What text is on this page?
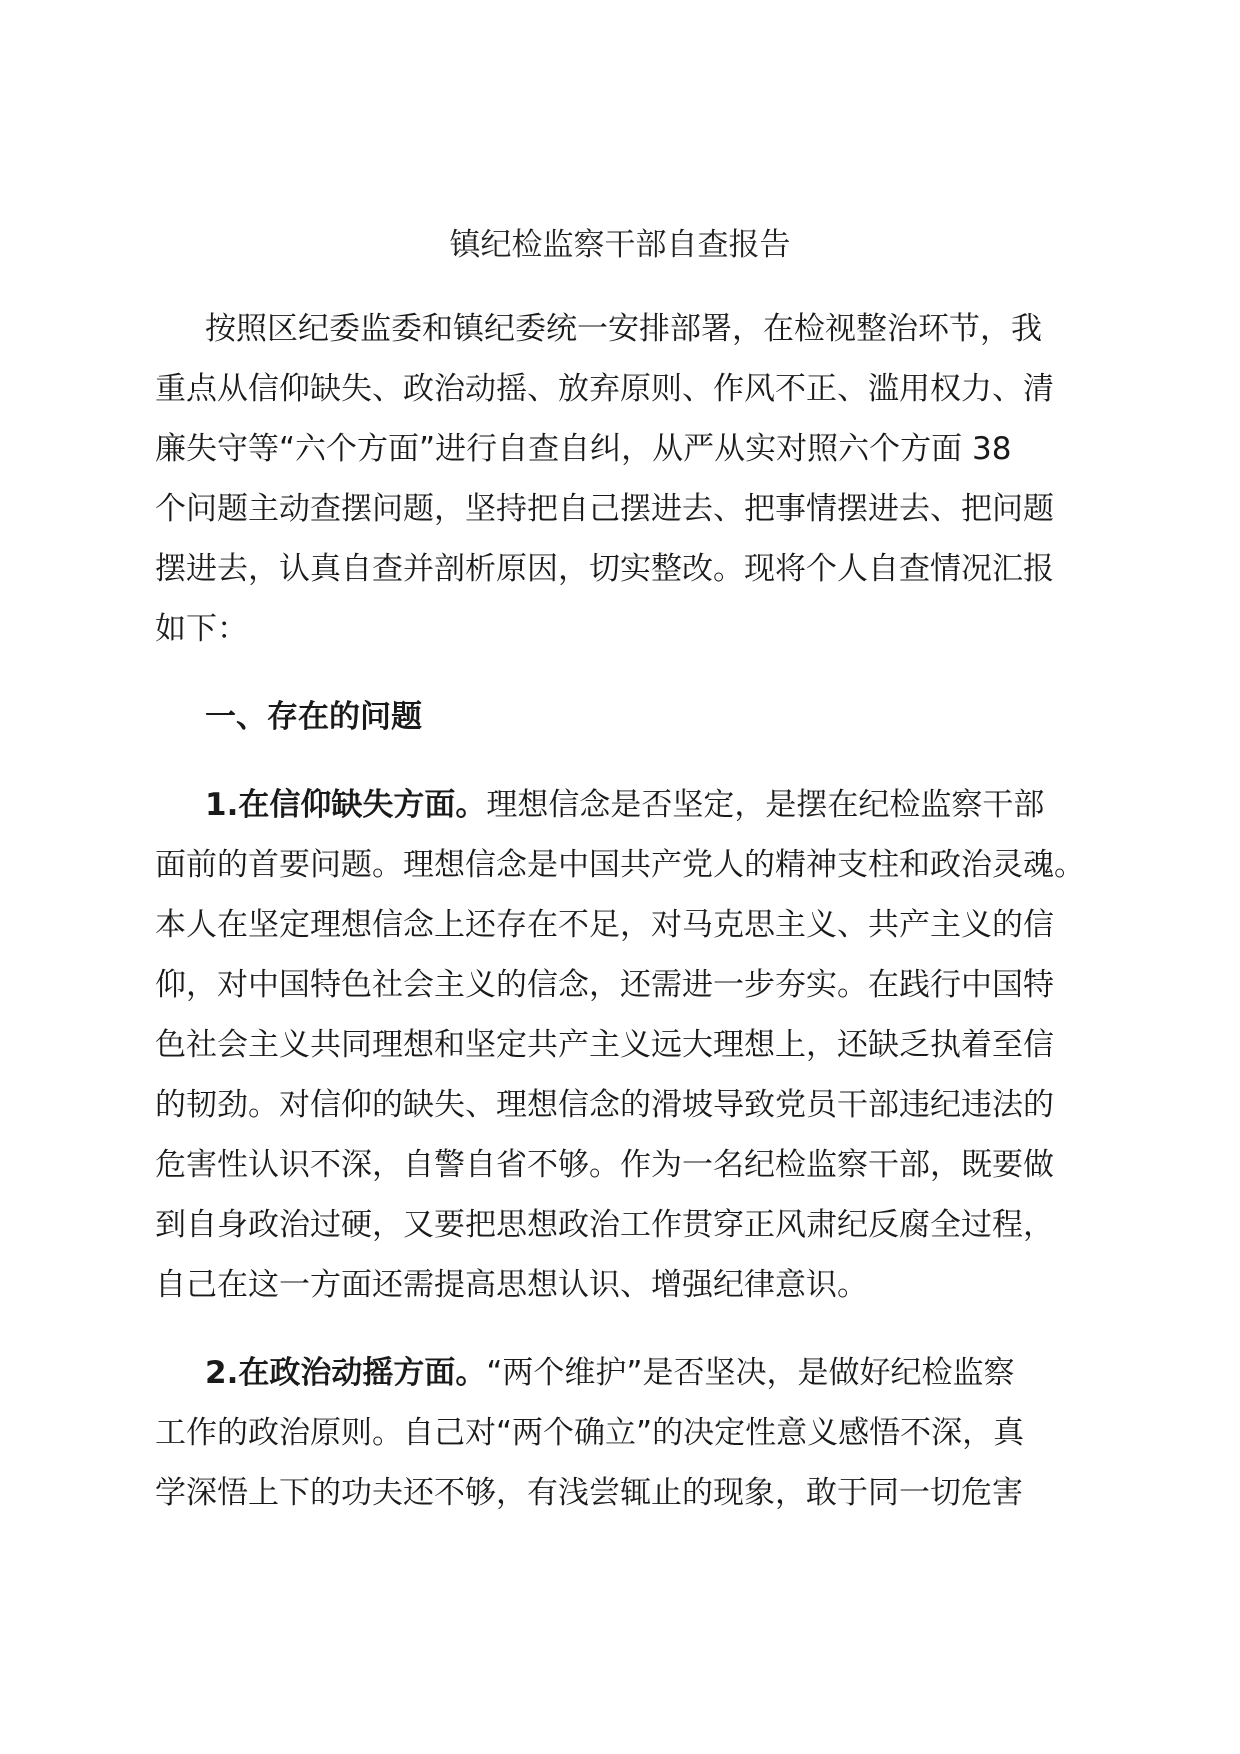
镇纪检监察干部自查报告
按照区纪委监委和镇纪委统一安排部署，在检视整治环节，我
重点从信仰缺失、政治动摇、放弃原则、作风不正、滥用权力、清
廉失守等“六个方面”进行自查自纠，从严从实对照六个方面 38
个问题主动查摆问题，坚持把自己摆进去、把事情摆进去、把问题
摆进去，认真自查并剖析原因，切实整改。现将个人自查情况汇报
如下：
一、存在的问题
1.在信仰缺失方面。理想信念是否坚定，是摆在纪检监察干部
面前的首要问题。理想信念是中国共产党人的精神支柱和政治灵魂。
本人在坚定理想信念上还存在不足，对马克思主义、共产主义的信
仰，对中国特色社会主义的信念，还需进一步夯实。在践行中国特
色社会主义共同理想和坚定共产主义远大理想上，还缺乏执着至信
的韧劲。对信仰的缺失、理想信念的滑坡导致党员干部违纪违法的
危害性认识不深，自警自省不够。作为一名纪检监察干部，既要做
到自身政治过硬，又要把思想政治工作贯穿正风肃纪反腐全过程，
自己在这一方面还需提高思想认识、增强纪律意识。
2.在政治动摇方面。“两个维护”是否坚决，是做好纪检监察
工作的政治原则。自己对“两个确立”的决定性意义感悟不深，真
学深悟上下的功夫还不够，有浅尝辄止的现象，敢于同一切危害
